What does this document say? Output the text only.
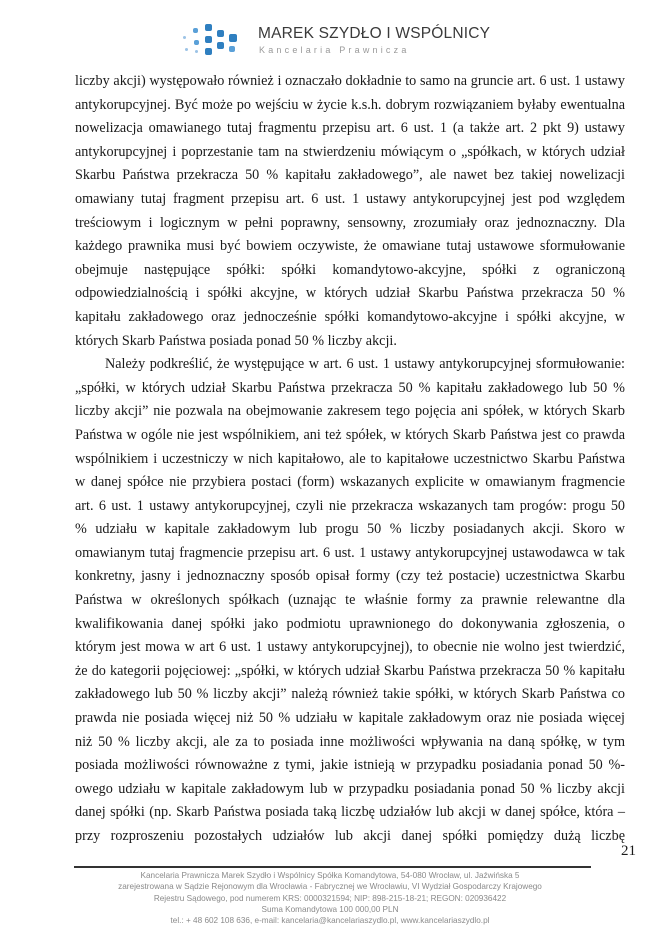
MAREK SZYDŁO I WSPÓLNICY
Kancelaria Prawnicza
liczby akcji) występowało również i oznaczało dokładnie to samo na gruncie art. 6 ust. 1 ustawy
antykorupcyjnej. Być może po wejściu w życie k.s.h. dobrym rozwiązaniem byłaby ewentualna
nowelizacja omawianego tutaj fragmentu przepisu art. 6 ust. 1 (a także art. 2 pkt 9) ustawy
antykorupcyjnej i poprzestanie tam na stwierdzeniu mówiącym o „spółkach, w których udział
Skarbu Państwa przekracza 50 % kapitału zakładowego”, ale nawet bez takiej nowelizacji
omawiany tutaj fragment przepisu art. 6 ust. 1 ustawy antykorupcyjnej jest pod względem
treściowym i logicznym w pełni poprawny, sensowny, zrozumiały oraz jednoznaczny. Dla
każdego prawnika musi być bowiem oczywiste, że omawiane tutaj ustawowe sformułowanie
obejmuje następujące spółki: spółki komandytowo-akcyjne, spółki z ograniczoną
odpowiedzialnością i spółki akcyjne, w których udział Skarbu Państwa przekracza 50 %
kapitału zakładowego oraz jednocześnie spółki komandytowo-akcyjne i spółki akcyjne, w
których Skarb Państwa posiada ponad 50 % liczby akcji.
Należy podkreślić, że występujące w art. 6 ust. 1 ustawy antykorupcyjnej sformułowanie:
„spółki, w których udział Skarbu Państwa przekracza 50 % kapitału zakładowego lub 50 %
liczby akcji” nie pozwala na obejmowanie zakresem tego pojęcia ani spółek, w których Skarb
Państwa w ogóle nie jest wspólnikiem, ani też spółek, w których Skarb Państwa jest co prawda
wspólnikiem i uczestniczy w nich kapitałowo, ale to kapitałowe uczestnictwo Skarbu Państwa
w danej spółce nie przybiera postaci (form) wskazanych explicite w omawianym fragmencie
art. 6 ust. 1 ustawy antykorupcyjnej, czyli nie przekracza wskazanych tam progów: progu 50
% udziału w kapitale zakładowym lub progu 50 % liczby posiadanych akcji. Skoro w
omawianym tutaj fragmencie przepisu art. 6 ust. 1 ustawy antykorupcyjnej ustawodawca w tak
konkretny, jasny i jednoznaczny sposób opisał formy (czy też postacie) uczestnictwa Skarbu
Państwa w określonych spółkach (uznając te właśnie formy za prawnie relewantne dla
kwalifikowania danej spółki jako podmiotu uprawnionego do dokonywania zgłoszenia, o
którym jest mowa w art 6 ust. 1 ustawy antykorupcyjnej), to obecnie nie wolno jest twierdzić,
że do kategorii pojęciowej: „spółki, w których udział Skarbu Państwa przekracza 50 % kapitału
zakładowego lub 50 % liczby akcji” należą również takie spółki, w których Skarb Państwa co
prawda nie posiada więcej niż 50 % udziału w kapitale zakładowym oraz nie posiada więcej
niż 50 % liczby akcji, ale za to posiada inne możliwości wpływania na daną spółkę, w tym
posiada możliwości równoważne z tymi, jakie istnieją w przypadku posiadania ponad 50 %-
owego udziału w kapitale zakładowym lub w przypadku posiadania ponad 50 % liczby akcji
danej spółki (np. Skarb Państwa posiada taką liczbę udziałów lub akcji w danej spółce, która –
przy rozproszeniu pozostałych udziałów lub akcji danej spółki pomiędzy dużą liczbę
21
Kancelaria Prawnicza Marek Szydło i Wspólnicy Spółka Komandytowa, 54-080 Wrocław, ul. Jaźwińska 5
zarejestrowana w Sądzie Rejonowym dla Wrocławia - Fabrycznej we Wrocławiu, VI Wydział Gospodarczy Krajowego
Rejestru Sądowego, pod numerem KRS: 0000321594; NIP: 898-215-18-21; REGON: 020936422
Suma Komandytowa 100 000,00 PLN
tel.: + 48 602 108 636, e-mail: kancelaria@kancelariaszydlo.pl, www.kancelariaszydlo.pl
